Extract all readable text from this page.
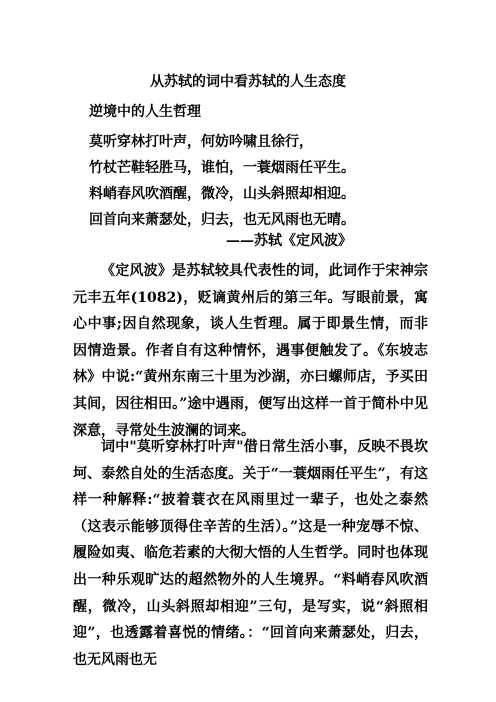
从苏轼的词中看苏轼的人生态度
逆境中的人生哲理
莫听穿林打叶声，何妨吟啸且徐行，
竹杖芒鞋轻胜马，谁怕，一蓑烟雨任平生。
料峭春风吹酒醒，微冷，山头斜照却相迎。
回首向来萧瑟处，归去，也无风雨也无晴。
——苏轼《定风波》

《定风波》是苏轼较具代表性的词，此词作于宋神宗元丰五年(1082)，贬谪黄州后的第三年。写眼前景，寓心中事;因自然现象，谈人生哲理。属于即景生情，而非因情造景。作者自有这种情怀，遇事便触发了。《东坡志林》中说:“黄州东南三十里为沙湖，亦曰螺师店，予买田其间，因往相田。”途中遇雨，便写出这样一首于简朴中见深意，寻常处生波澜的词来。

词中"莫听穿林打叶声"借日常生活小事，反映不畏坎坷、泰然自处的生活态度。关于“一蓑烟雨任平生”，有这样一种解释:“披着蓑衣在风雨里过一辈子，也处之泰然（这表示能够顶得住辛苦的生活）。”这是一种宠辱不惊、履险如夷、临危若素的大彻大悟的人生哲学。同时也体现出一种乐观旷达的超然物外的人生境界。“料峭春风吹酒醒，微冷，山头斜照却相迎”三句，是写实，说“斜照相迎”，也透露着喜悦的情绪。：“回首向来萧瑟处，归去，也无风雨也无
